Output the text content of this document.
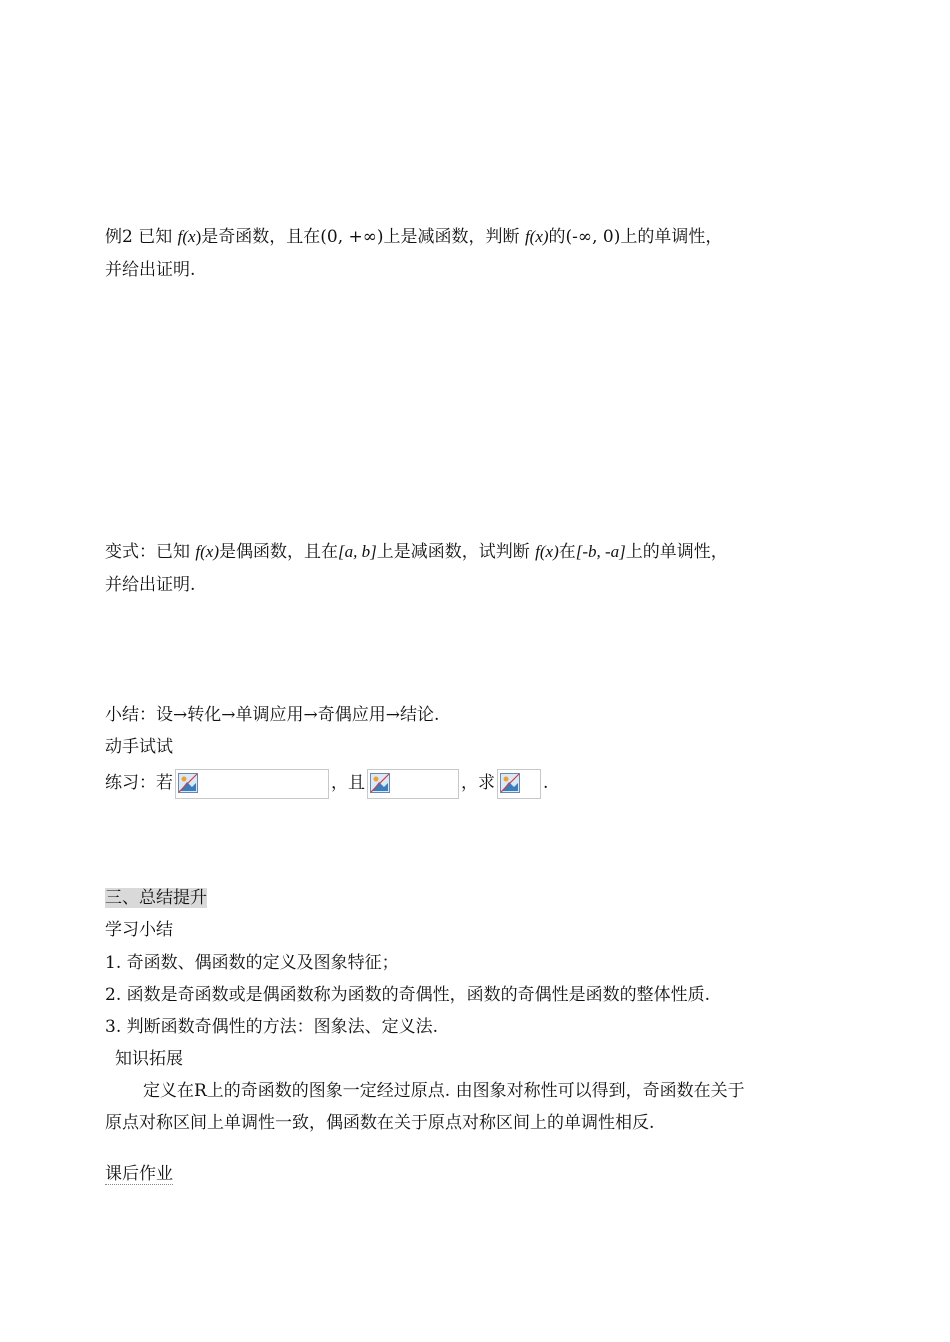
例2 已知 f(x)是奇函数，且在(0, +∞)上是减函数，判断 f(x)的(-∞, 0)上的单调性，
并给出证明.
变式：已知 f(x)是偶函数，且在[a, b]上是减函数，试判断 f(x)在[-b, -a]上的单调性，
并给出证明.
小结：设→转化→单调应用→奇偶应用→结论.
动手试试
练习：若	，且	，求	.
三、总结提升
学习小结
1. 奇函数、偶函数的定义及图象特征；
2. 函数是奇函数或是偶函数称为函数的奇偶性，函数的奇偶性是函数的整体性质.
3. 判断函数奇偶性的方法：图象法、定义法.
知识拓展
定义在R上的奇函数的图象一定经过原点. 由图象对称性可以得到，奇函数在关于
原点对称区间上单调性一致，偶函数在关于原点对称区间上的单调性相反.
课后作业
